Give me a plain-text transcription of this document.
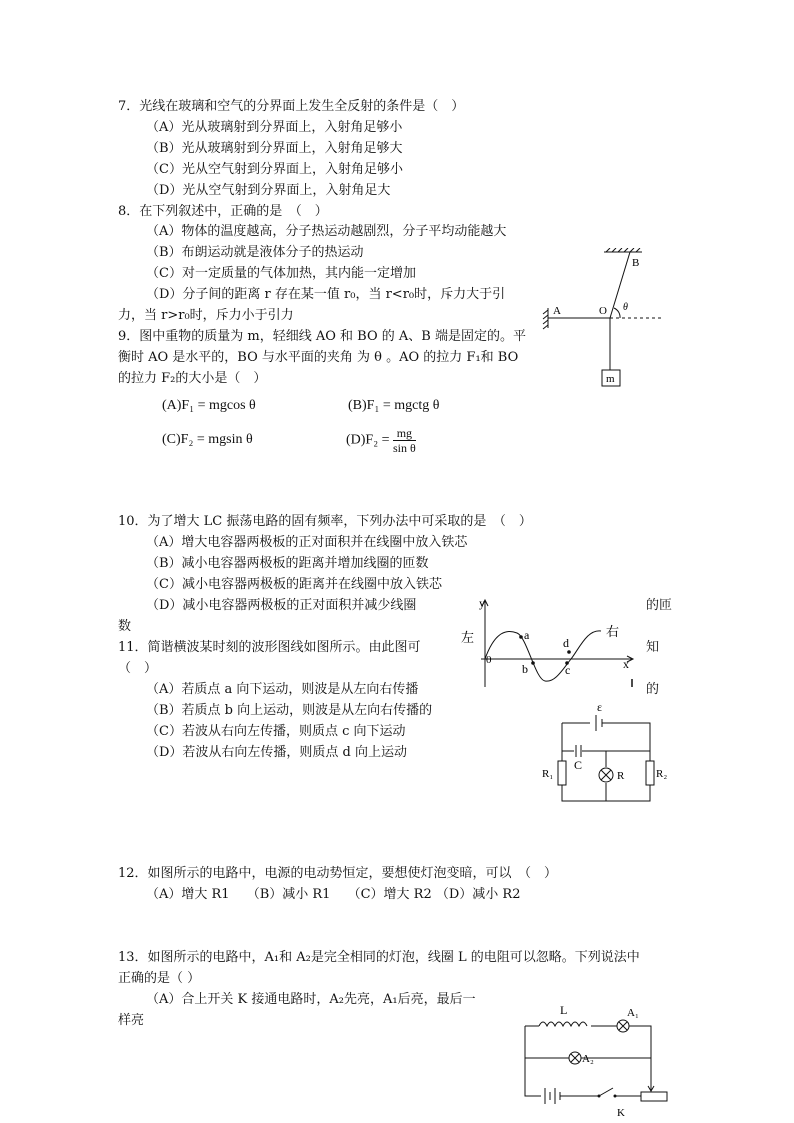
7．光线在玻璃和空气的分界面上发生全反射的条件是（　）
（A）光从玻璃射到分界面上，入射角足够小
（B）光从玻璃射到分界面上，入射角足够大
（C）光从空气射到分界面上，入射角足够小
（D）光从空气射到分界面上，入射角足大
8．在下列叙述中，正确的是　（　）
（A）物体的温度越高，分子热运动越剧烈，分子平均动能越大
（B）布朗运动就是液体分子的热运动
（C）对一定质量的气体加热，其内能一定增加
（D）分子间的距离 r 存在某一值 r₀，当 r<r₀时，斥力大于引
力，当 r>r₀时，斥力小于引力
9．图中重物的质量为 m，轻细线 AO 和 BO 的 A、B 端是固定的。平
衡时 AO 是水平的，BO 与水平面的夹角 为 θ 。AO 的拉力 F₁和 BO
的拉力 F₂的大小是（　）
(A)F₁ = mgcos θ	(B)F₁ = mgctg θ
(C)F₂ = mgsin θ	$(D)F_2 = \frac{mg}{\text{sin θ}}$
A
B
O θ
m
10．为了增大 LC 振荡电路的固有频率，下列办法中可采取的是　（　）
（A）增大电容器两极板的正对面积并在线圈中放入铁芯
（B）减小电容器两极板的距离并增加线圈的匝数
（C）减小电容器两极板的距离并在线圈中放入铁芯
（D）减小电容器两极板的正对面积并减少线圈	的匝
数
11．简谐横波某时刻的波形图线如图所示。由此图可	知
（　）
（A）若质点 a 向下运动，则波是从左向右传播	的
（B）若质点 b 向上运动，则波是从左向右传播的
（C）若波从右向左传播，则质点 c 向下运动
（D）若波从右向左传播，则质点 d 向上运动
y
x
0
左	右
a
b	c
d
ε
C
R₁	R	R₂
12．如图所示的电路中，电源的电动势恒定，要想使灯泡变暗，可以　（　）
（A）增大 R1　 （B）减小 R1　 （C）增大 R2 （D）减小 R2
13．如图所示的电路中，A₁和 A₂是完全相同的灯泡，线圈 L 的电阻可以忽略。下列说法中
正确的是（ ）
（A）合上开关 K 接通电路时，A₂先亮，A₁后亮，最后一
样亮
L	A₁
A₂
K
